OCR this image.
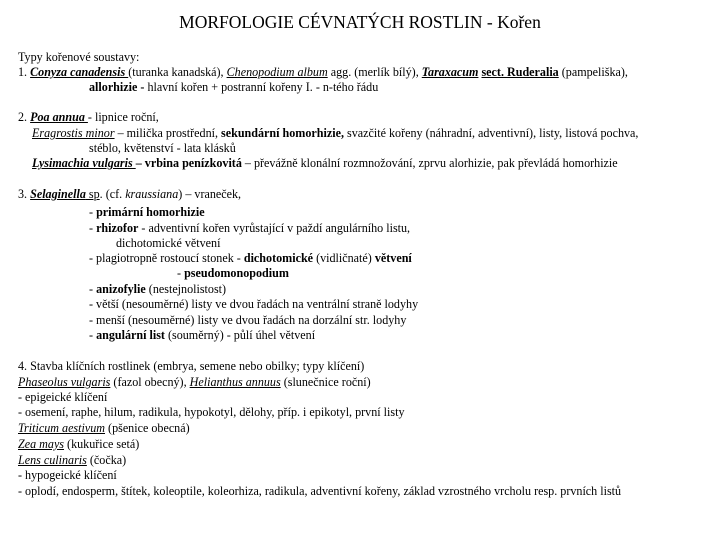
MORFOLOGIE CÉVNATÝCH ROSTLIN - Kořen
Typy kořenové soustavy:
1. Conyza canadensis (turanka kanadská), Chenopodium album agg. (merlík bílý), Taraxacum sect. Ruderalia (pampeliška),
allorhizie - hlavní kořen + postranní kořeny I. - n-tého řádu
2. Poa annua - lipnice roční,
Eragrostis minor – milička prostřední, sekundární homorhizie, svazčité kořeny (náhradní, adventivní), listy, listová pochva,
stéblo, květenství - lata klásků
Lysimachia vulgaris – vrbina penízkovitá – převážně klonální rozmnožování, zprvu alorhizie, pak převládá homorhizie
3. Selaginella sp. (cf. kraussiana) – vraneček,
- primární homorhizie
- rhizofor - adventivní kořen vyrůstající v paždí angulárního listu,
dichotomické větvení
- plagiotropně rostoucí stonek - dichotomické (vidličnaté) větvení
- pseudomonopodium
- anizofylie (nestejnolistost)
- větší (nesouměrné) listy ve dvou řadách na ventrální straně lodyhy
- menší (nesouměrné) listy ve dvou řadách na dorzální str. lodyhy
- angulární list (souměrný) - půlí úhel větvení
4. Stavba klíčních rostlinek (embrya, semene nebo obilky; typy klíčení)
Phaseolus vulgaris (fazol obecný), Helianthus annuus (slunečnice roční)
- epigeické klíčení
- osemení, raphe, hilum, radikula, hypokotyl, dělohy, příp. i epikotyl, první listy
Triticum aestivum (pšenice obecná)
Zea mays (kukuřice setá)
Lens culinaris (čočka)
- hypogeické klíčení
- oplodí, endosperm, štítek, koleoptile, koleorhiza, radikula, adventivní kořeny, základ vzrostného vrcholu resp. prvních listů
